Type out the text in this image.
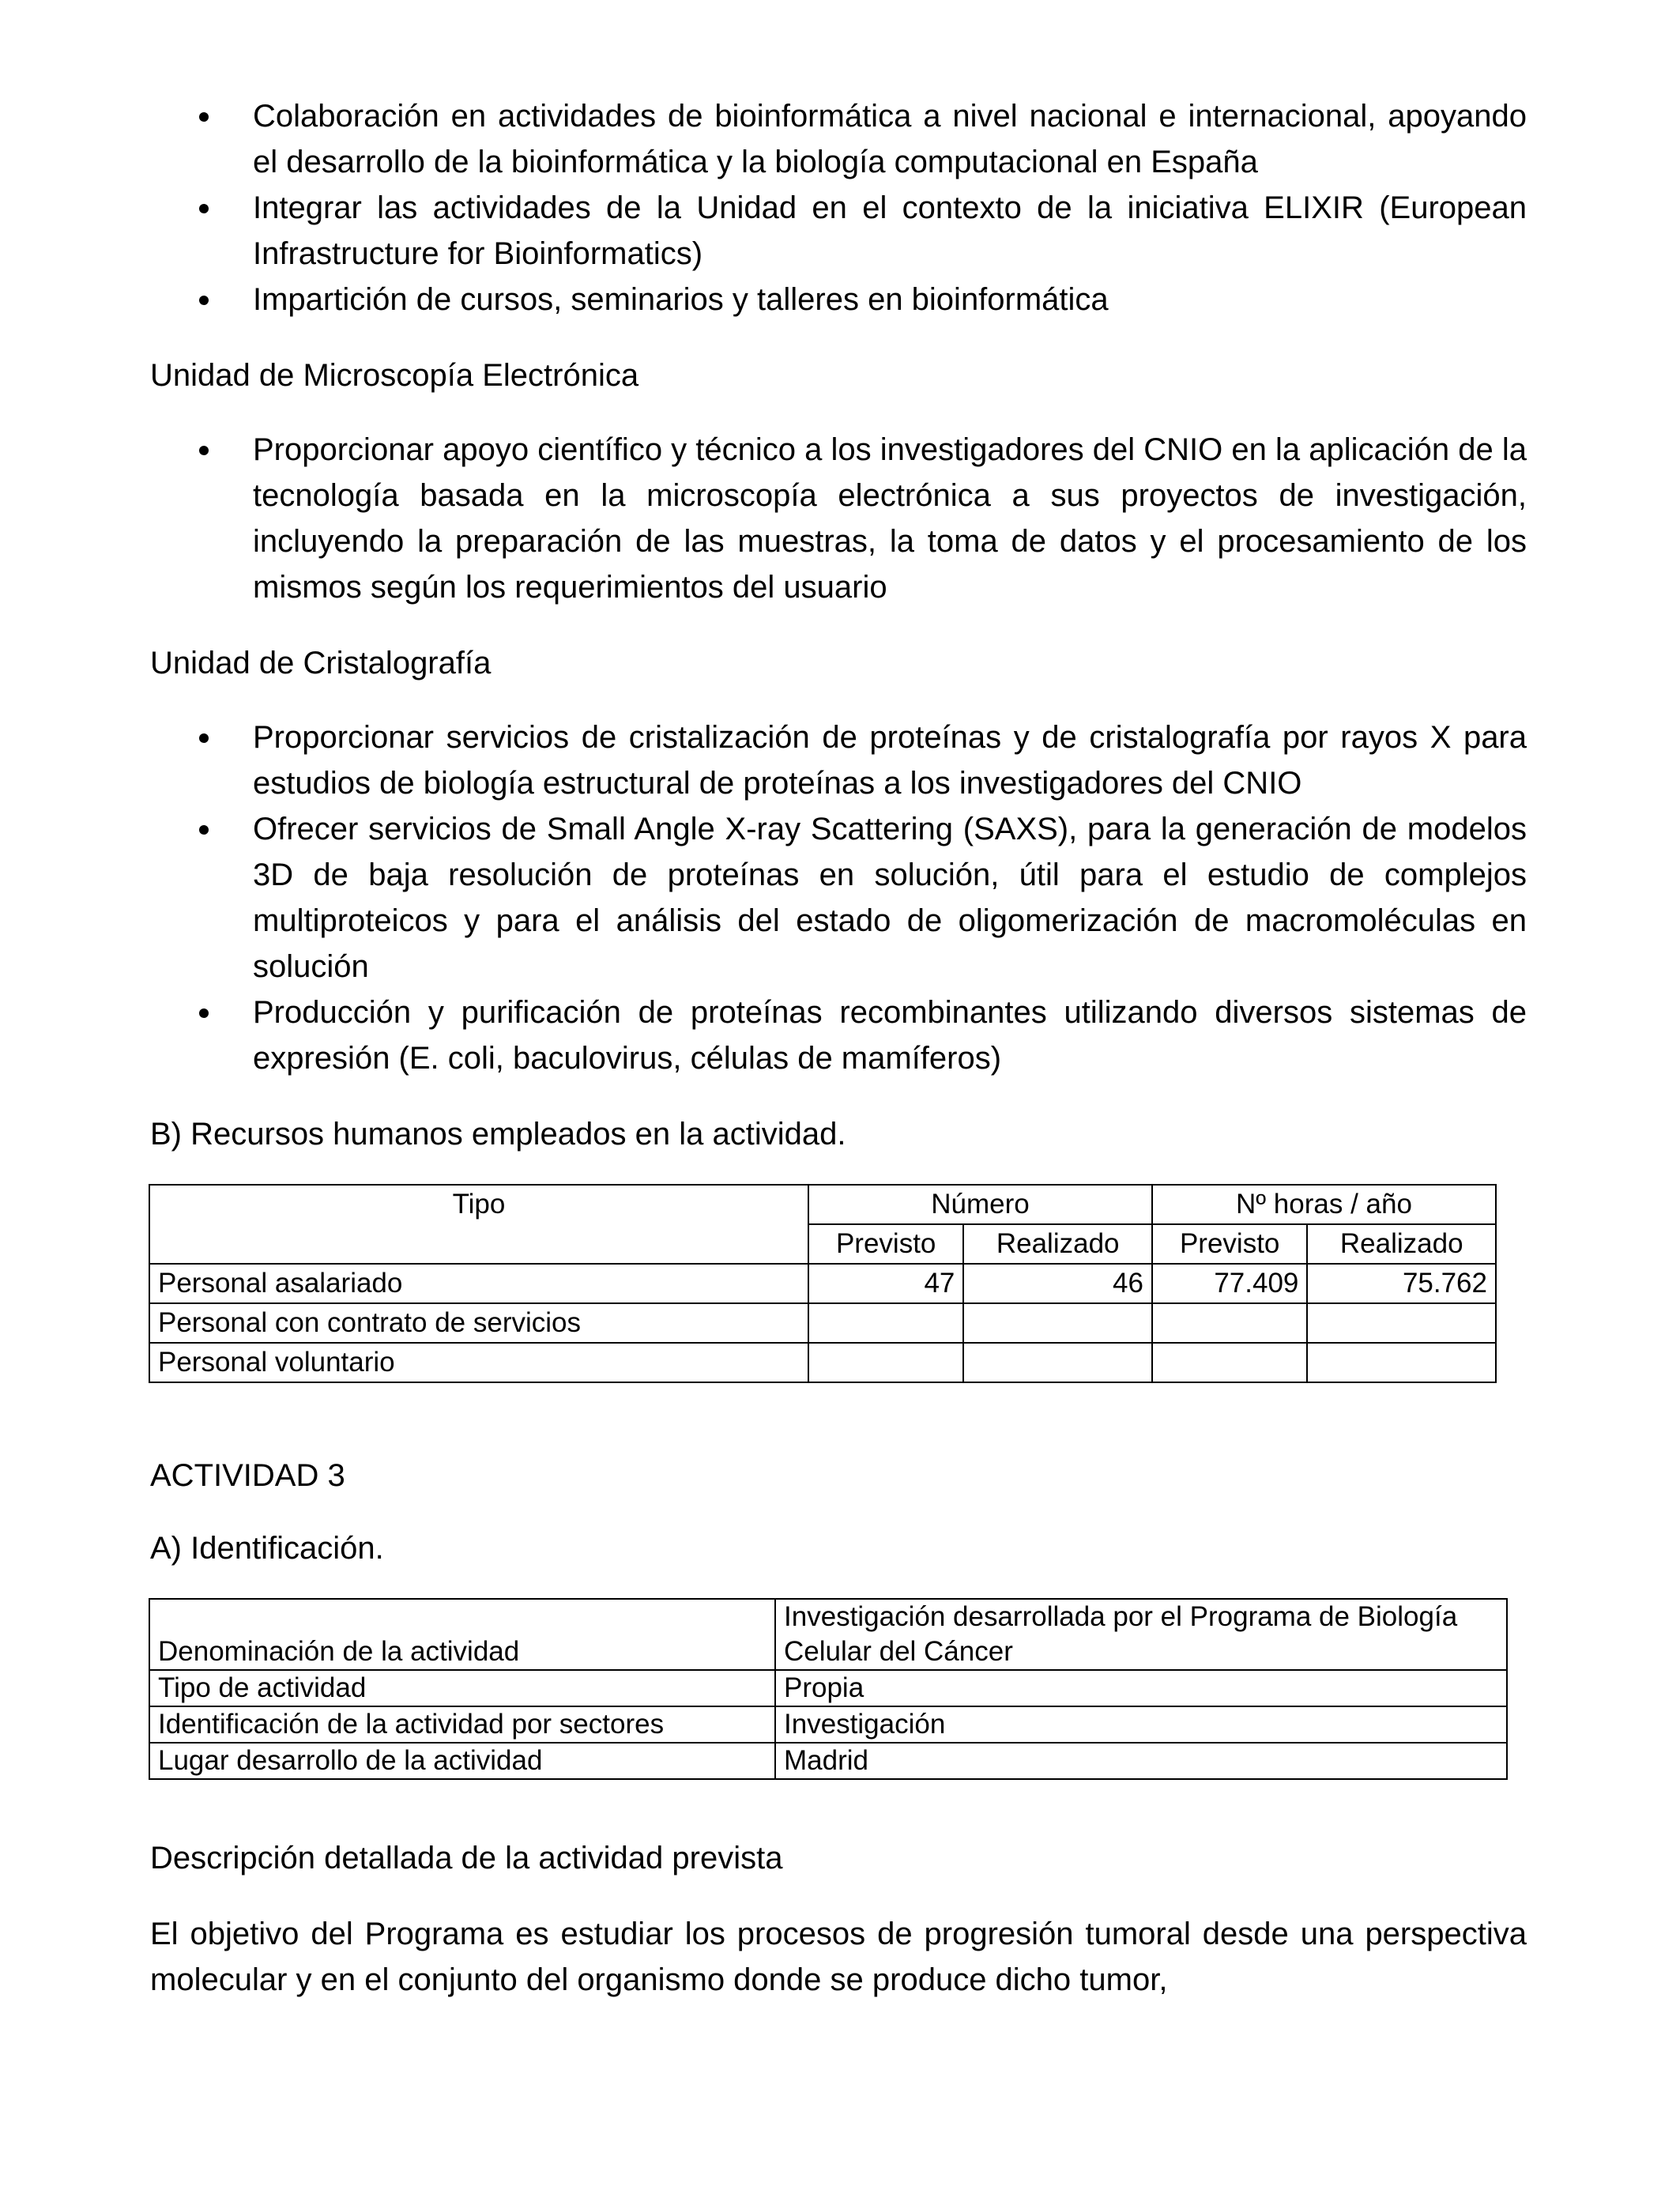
Colaboración en actividades de bioinformática a nivel nacional e internacional, apoyando el desarrollo de la bioinformática y la biología computacional en España
Integrar las actividades de la Unidad en el contexto de la iniciativa ELIXIR (European Infrastructure for Bioinformatics)
Impartición de cursos, seminarios y talleres en bioinformática

Unidad de Microscopía Electrónica

Proporcionar apoyo científico y técnico a los investigadores del CNIO en la aplicación de la tecnología basada en la microscopía electrónica a sus proyectos de investigación, incluyendo la preparación de las muestras, la toma de datos y el procesamiento de los mismos según los requerimientos del usuario

Unidad de Cristalografía

Proporcionar servicios de cristalización de proteínas y de cristalografía por rayos X para estudios de biología estructural de proteínas a los investigadores del CNIO
Ofrecer servicios de Small Angle X-ray Scattering (SAXS), para la generación de modelos 3D de baja resolución de proteínas en solución, útil para el estudio de complejos multiproteicos y para el análisis del estado de oligomerización de macromoléculas en solución
Producción y purificación de proteínas recombinantes utilizando diversos sistemas de expresión (E. coli, baculovirus, células de mamíferos)

B) Recursos humanos empleados en la actividad.

Tipo	Número		Nº horas / año	
	Previsto	Realizado	Previsto	Realizado
Personal asalariado	47	46	77.409	75.762
Personal con contrato de servicios				
Personal voluntario				

ACTIVIDAD 3

A) Identificación.

Denominación de la actividad	Investigación desarrollada por el Programa de Biología Celular del Cáncer
Tipo de actividad	Propia
Identificación de la actividad por sectores	Investigación
Lugar desarrollo de la actividad	Madrid

Descripción detallada de la actividad prevista

El objetivo del Programa es estudiar los procesos de progresión tumoral desde una perspectiva molecular y en el conjunto del organismo donde se produce dicho tumor,
